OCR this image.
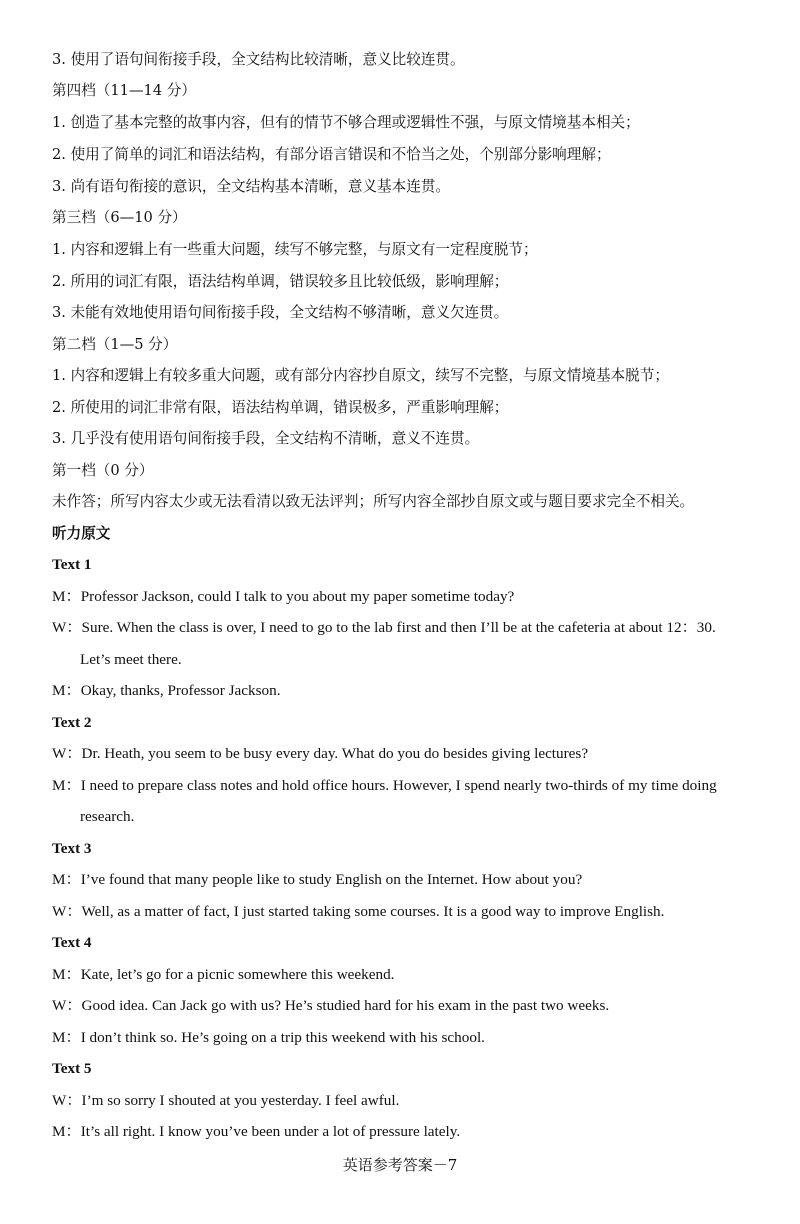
3. 使用了语句间衔接手段，全文结构比较清晰，意义比较连贯。
第四档（11—14 分）
1. 创造了基本完整的故事内容，但有的情节不够合理或逻辑性不强，与原文情境基本相关；
2. 使用了简单的词汇和语法结构，有部分语言错误和不恰当之处，个别部分影响理解；
3. 尚有语句衔接的意识，全文结构基本清晰，意义基本连贯。
第三档（6—10 分）
1. 内容和逻辑上有一些重大问题，续写不够完整，与原文有一定程度脱节；
2. 所用的词汇有限，语法结构单调，错误较多且比较低级，影响理解；
3. 未能有效地使用语句间衔接手段，全文结构不够清晰，意义欠连贯。
第二档（1—5 分）
1. 内容和逻辑上有较多重大问题，或有部分内容抄自原文，续写不完整，与原文情境基本脱节；
2. 所使用的词汇非常有限，语法结构单调，错误极多，严重影响理解；
3. 几乎没有使用语句间衔接手段，全文结构不清晰，意义不连贯。
第一档（0 分）
未作答；所写内容太少或无法看清以致无法评判；所写内容全部抄自原文或与题目要求完全不相关。
听力原文
Text 1
M：Professor Jackson, could I talk to you about my paper sometime today?
W：Sure. When the class is over, I need to go to the lab first and then I’ll be at the cafeteria at about 12：30.
Let’s meet there.
M：Okay, thanks, Professor Jackson.
Text 2
W：Dr. Heath, you seem to be busy every day. What do you do besides giving lectures?
M：I need to prepare class notes and hold office hours. However, I spend nearly two-thirds of my time doing
research.
Text 3
M：I’ve found that many people like to study English on the Internet. How about you?
W：Well, as a matter of fact, I just started taking some courses. It is a good way to improve English.
Text 4
M：Kate, let’s go for a picnic somewhere this weekend.
W：Good idea. Can Jack go with us? He’s studied hard for his exam in the past two weeks.
M：I don’t think so. He’s going on a trip this weekend with his school.
Text 5
W：I’m so sorry I shouted at you yesterday. I feel awful.
M：It’s all right. I know you’ve been under a lot of pressure lately.
英语参考答案－7
